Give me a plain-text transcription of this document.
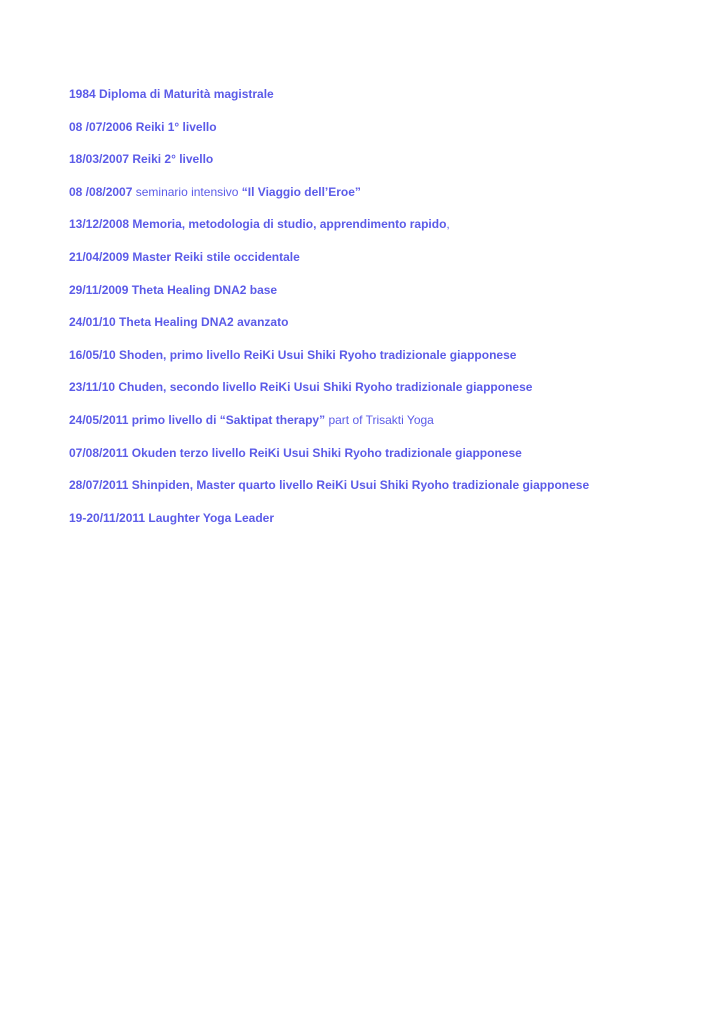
1984 Diploma di Maturità magistrale
08 /07/2006 Reiki 1° livello
18/03/2007 Reiki 2° livello
08 /08/2007 seminario intensivo “Il Viaggio dell’Eroe”
13/12/2008 Memoria, metodologia di studio, apprendimento rapido,
21/04/2009 Master Reiki stile occidentale
29/11/2009 Theta Healing DNA2 base
24/01/10 Theta Healing DNA2 avanzato
16/05/10 Shoden, primo livello ReiKi Usui Shiki Ryoho tradizionale giapponese
23/11/10 Chuden, secondo livello ReiKi Usui Shiki Ryoho tradizionale giapponese
24/05/2011 primo livello di “Saktipat therapy” part of Trisakti Yoga
07/08/2011 Okuden terzo livello ReiKi Usui Shiki Ryoho tradizionale giapponese
28/07/2011 Shinpiden, Master quarto livello ReiKi Usui Shiki Ryoho tradizionale giapponese
19-20/11/2011 Laughter Yoga Leader
